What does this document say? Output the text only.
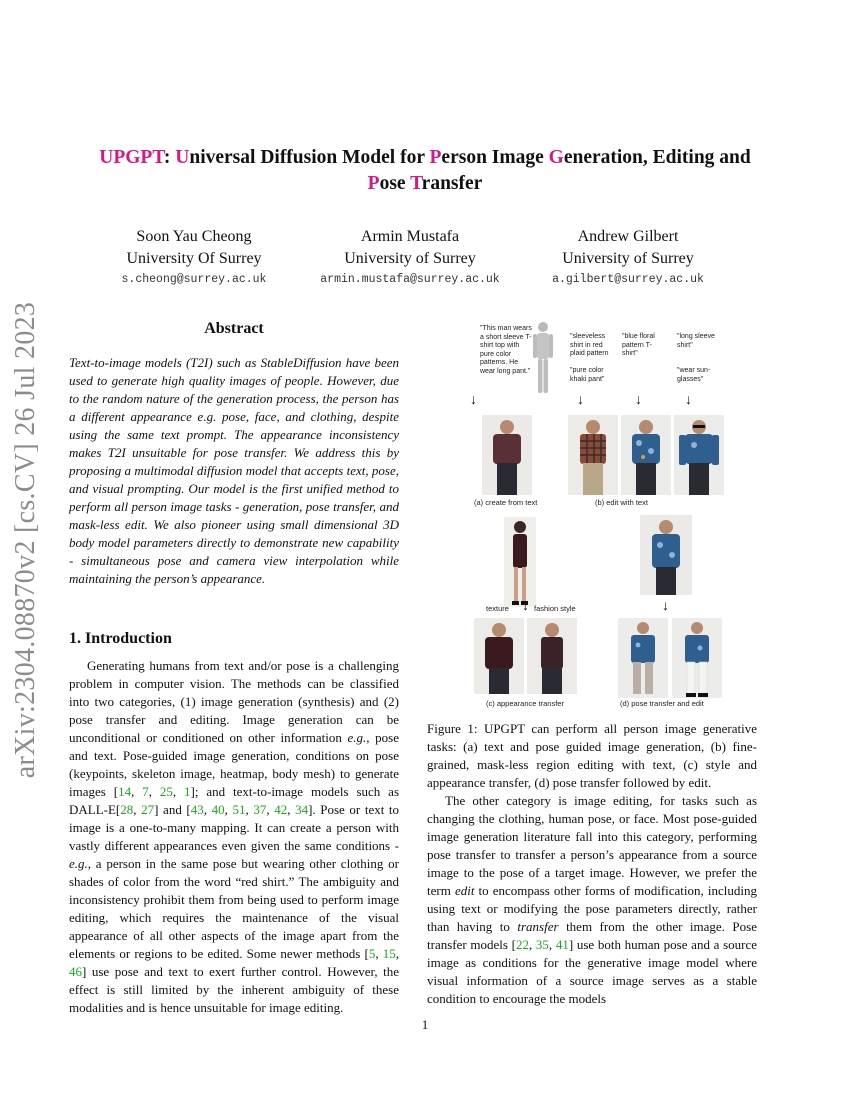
arXiv:2304.08870v2 [cs.CV] 26 Jul 2023
UPGPT: Universal Diffusion Model for Person Image Generation, Editing and
Pose Transfer
Soon Yau Cheong
University Of Surrey
s.cheong@surrey.ac.uk
Armin Mustafa
University of Surrey
armin.mustafa@surrey.ac.uk
Andrew Gilbert
University of Surrey
a.gilbert@surrey.ac.uk
Abstract
Text-to-image models (T2I) such as StableDiffusion have been used to generate high quality images of people. However, due to the random nature of the generation process, the person has a different appearance e.g. pose, face, and clothing, despite using the same text prompt. The appearance inconsistency makes T2I unsuitable for pose transfer. We address this by proposing a multimodal diffusion model that accepts text, pose, and visual prompting. Our model is the first unified method to perform all person image tasks - generation, pose transfer, and mask-less edit. We also pioneer using small dimensional 3D body model parameters directly to demonstrate new capability - simultaneous pose and camera view interpolation while maintaining the person’s appearance.
1. Introduction

Generating humans from text and/or pose is a challenging problem in computer vision. The methods can be classified into two categories, (1) image generation (synthesis) and (2) pose transfer and editing. Image generation can be unconditional or conditioned on other information e.g., pose and text. Pose-guided image generation, conditions on pose (keypoints, skeleton image, heatmap, body mesh) to generate images [14, 7, 25, 1]; and text-to-image models such as DALL-E[28, 27] and [43, 40, 51, 37, 42, 34]. Pose or text to image is a one-to-many mapping. It can create a person with vastly different appearances even given the same conditions - e.g., a person in the same pose but wearing other clothing or shades of color from the word “red shirt.” The ambiguity and inconsistency prohibit them from being used to perform image editing, which requires the maintenance of the visual appearance of all other aspects of the image apart from the elements or regions to be edited. Some newer methods [5, 15, 46] use pose and text to exert further control. However, the effect is still limited by the inherent ambiguity of these modalities and is hence unsuitable for image editing.

"This man wears a short sleeve T-shirt top with pure color patterns. He wear long pant."
"sleeveless shirt in red plaid pattern
"pure color khaki pant"
"blue floral pattern T-shirt"
"long sleeve shirt"
"wear sun-glasses"
↓	↓	↓	↓
(a) create from text	(b) edit with text
texture ↓ fashion style	↓
(c) appearance transfer	(d) pose transfer and edit
Figure 1: UPGPT can perform all person image generative tasks: (a) text and pose guided image generation, (b) fine-grained, mask-less region editing with text, (c) style and appearance transfer, (d) pose transfer followed by edit.

The other category is image editing, for tasks such as changing the clothing, human pose, or face. Most pose-guided image generation literature fall into this category, performing pose transfer to transfer a person’s appearance from a source image to the pose of a target image. However, we prefer the term edit to encompass other forms of modification, including using text or modifying the pose parameters directly, rather than having to transfer them from the other image. Pose transfer models [22, 35, 41] use both human pose and a source image as conditions for the generative image model where visual information of a source image serves as a stable condition to encourage the models

1
